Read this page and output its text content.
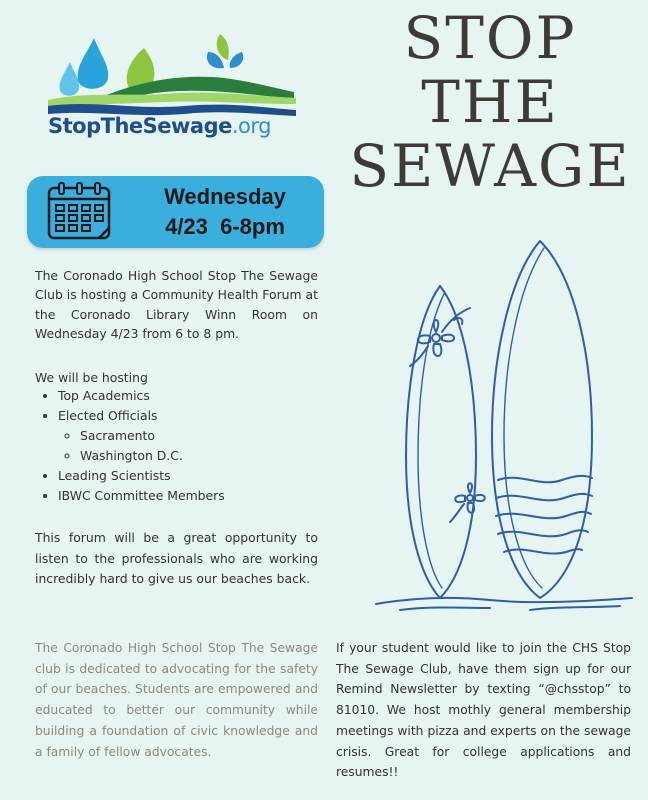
StopTheSewage.org
STOP
THE
SEWAGE
Wednesday
4/23  6-8pm
The Coronado High School Stop The Sewage Club is hosting a Community Health Forum at the Coronado Library Winn Room on Wednesday 4/23 from 6 to 8 pm.
We will be hosting
• Top Academics
• Elected Officials
◦ Sacramento
◦ Washington D.C.
• Leading Scientists
• IBWC Committee Members
This forum will be a great opportunity to listen to the professionals who are working incredibly hard to give us our beaches back.
The Coronado High School Stop The Sewage club is dedicated to advocating for the safety of our beaches. Students are empowered and educated to better our community while building a foundation of civic knowledge and a family of fellow advocates.
If your student would like to join the CHS Stop The Sewage Club, have them sign up for our Remind Newsletter by texting “@chsstop” to 81010. We host mothly general membership meetings with pizza and experts on the sewage crisis. Great for college applications and resumes!!
